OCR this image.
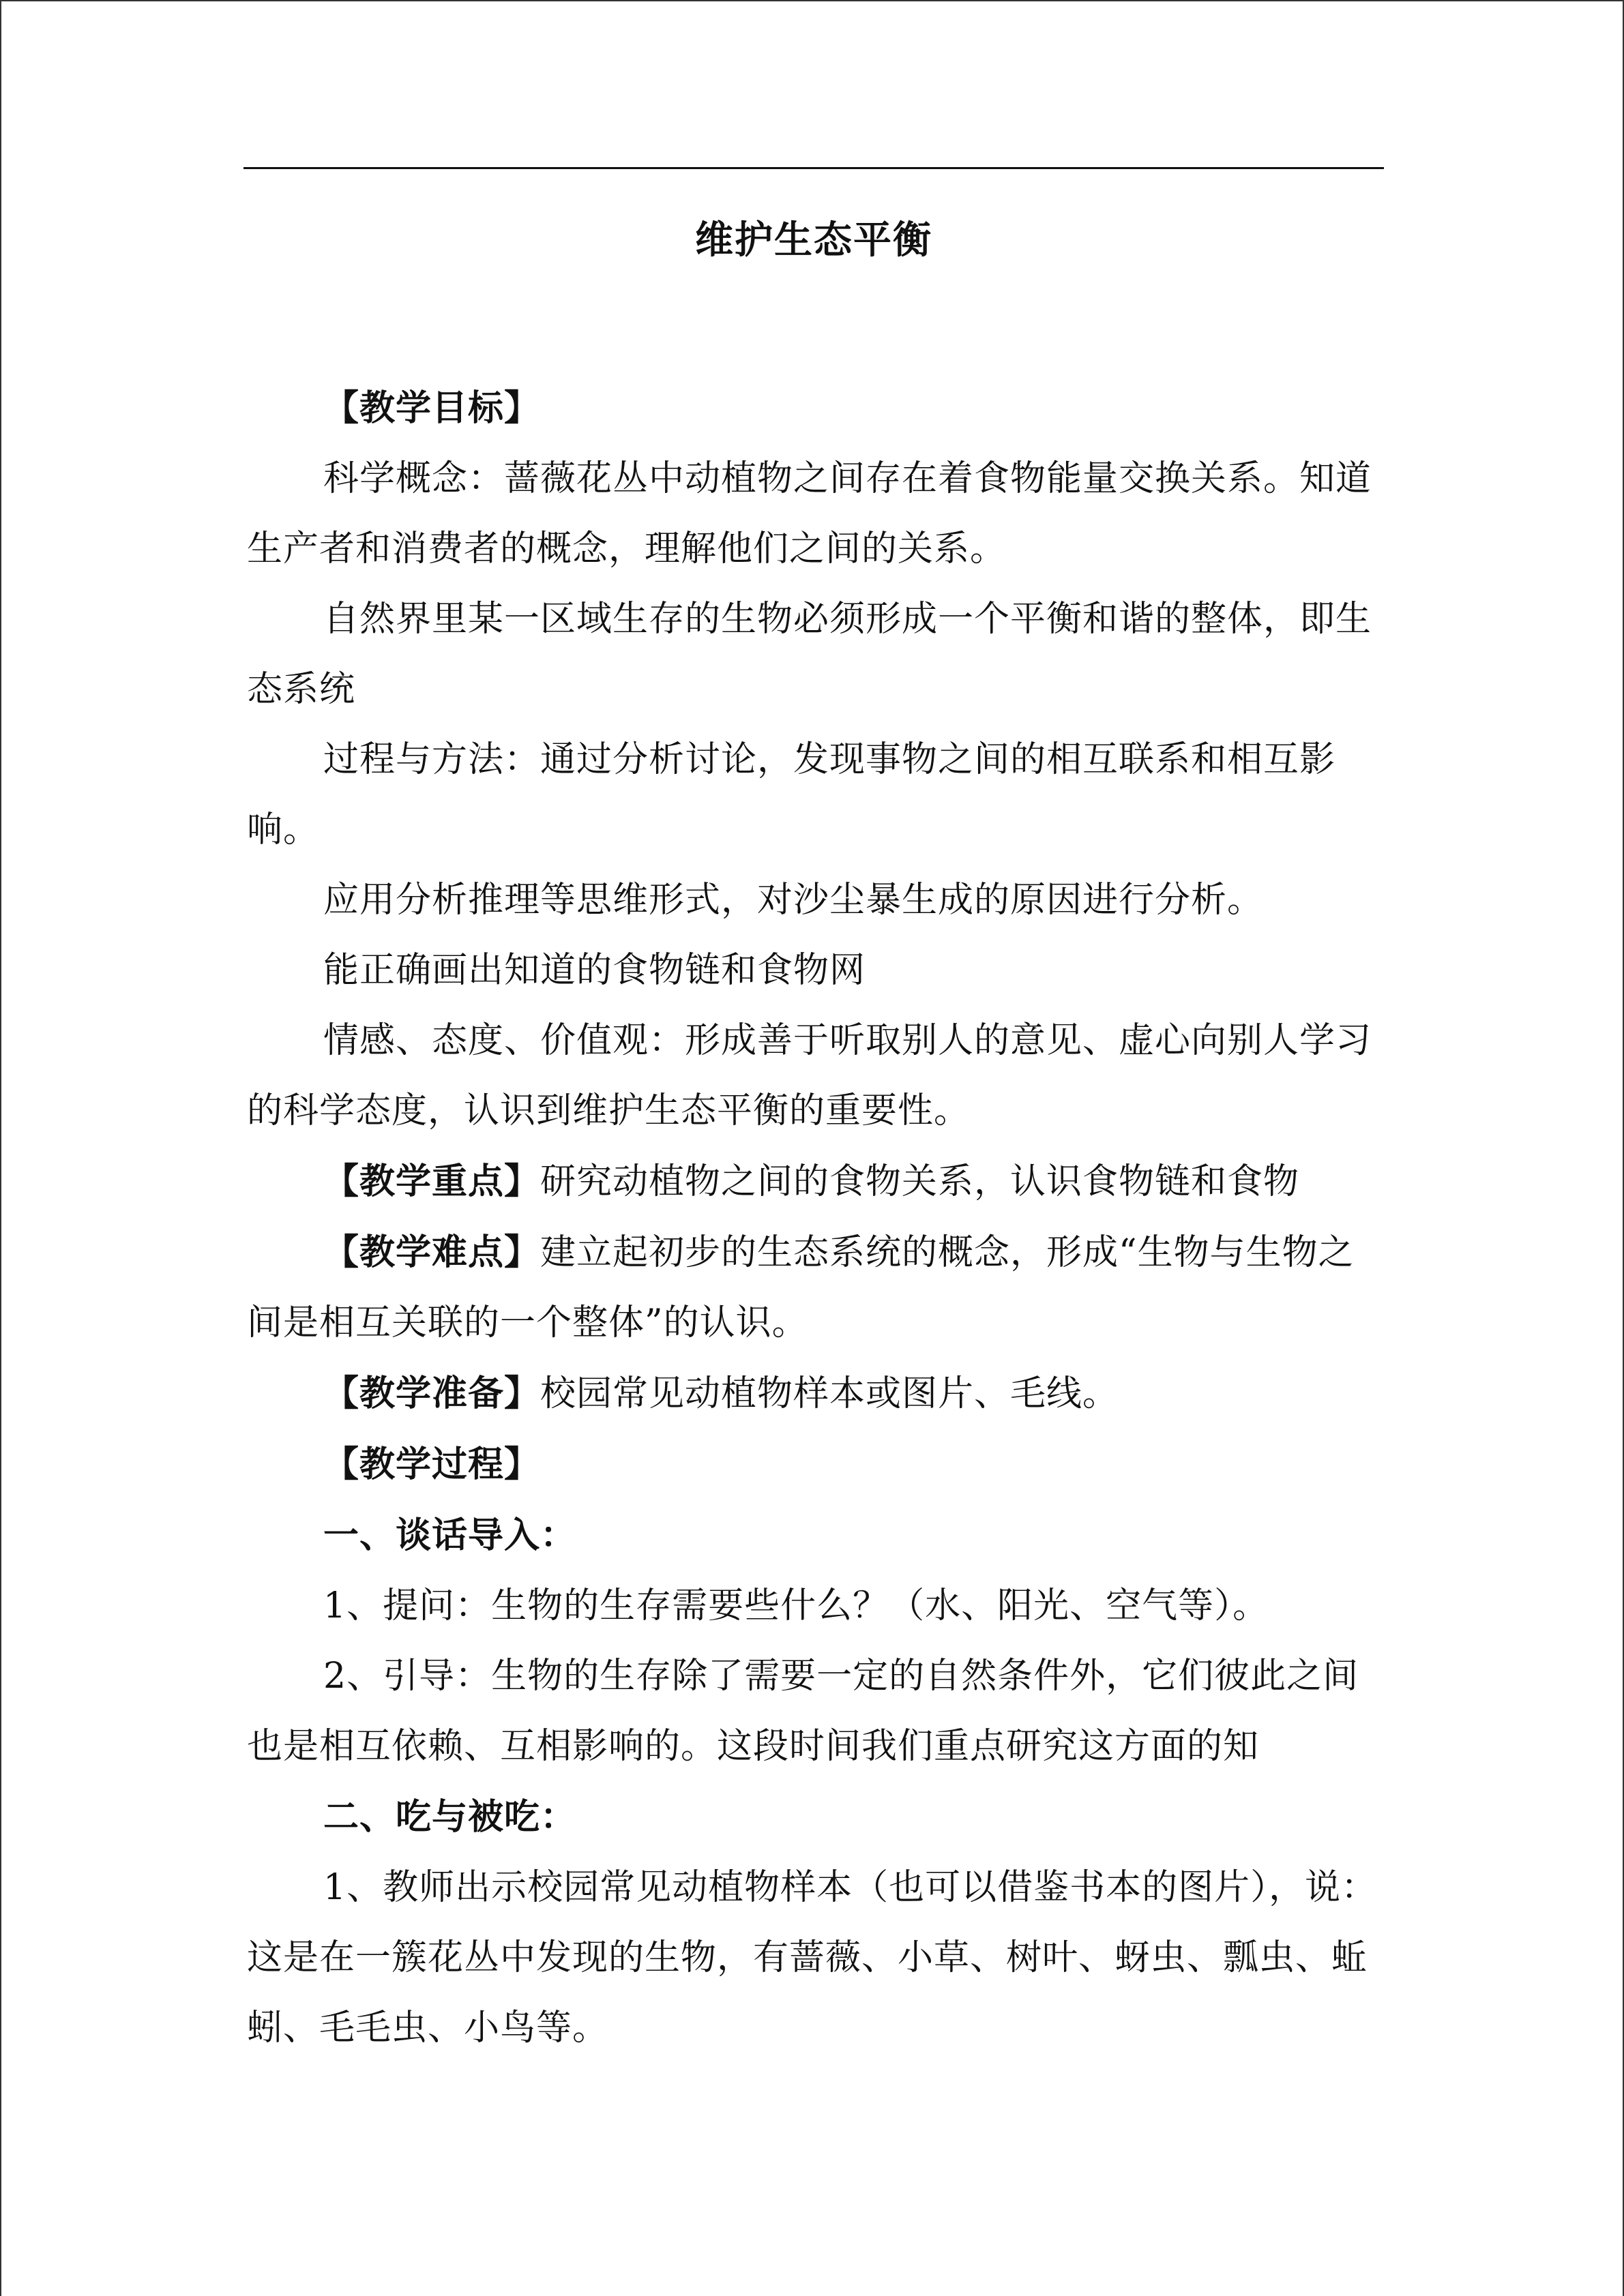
维护生态平衡

【教学目标】

科学概念：蔷薇花丛中动植物之间存在着食物能量交换关系。知道生产者和消费者的概念，理解他们之间的关系。

自然界里某一区域生存的生物必须形成一个平衡和谐的整体，即生态系统

过程与方法：通过分析讨论，发现事物之间的相互联系和相互影响。

应用分析推理等思维形式，对沙尘暴生成的原因进行分析。

能正确画出知道的食物链和食物网

情感、态度、价值观：形成善于听取别人的意见、虚心向别人学习的科学态度，认识到维护生态平衡的重要性。

【教学重点】研究动植物之间的食物关系，认识食物链和食物

【教学难点】建立起初步的生态系统的概念，形成“生物与生物之间是相互关联的一个整体”的认识。

【教学准备】校园常见动植物样本或图片、毛线。

【教学过程】

一、谈话导入：

1、提问：生物的生存需要些什么？（水、阳光、空气等）。

2、引导：生物的生存除了需要一定的自然条件外，它们彼此之间也是相互依赖、互相影响的。这段时间我们重点研究这方面的知

二、吃与被吃：

1、教师出示校园常见动植物样本（也可以借鉴书本的图片），说：这是在一簇花丛中发现的生物，有蔷薇、小草、树叶、蚜虫、瓢虫、蚯蚓、毛毛虫、小鸟等。
